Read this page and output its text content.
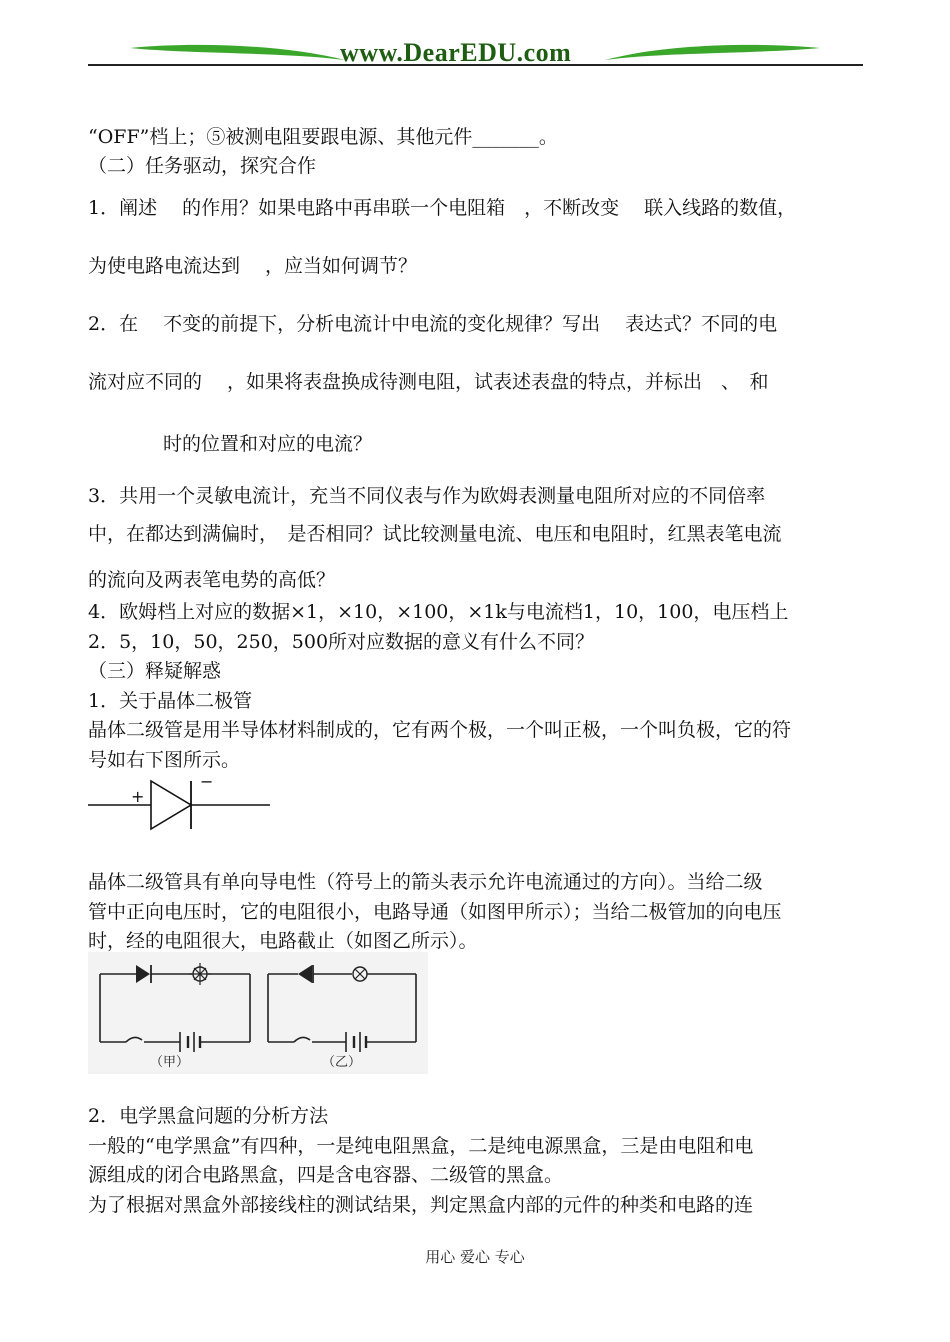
www.DearEDU.com
“OFF”档上；⑤被测电阻要跟电源、其他元件_______。
（二）任务驱动，探究合作
1．阐述　 的作用？如果电路中再串联一个电阻箱　，不断改变　 联入线路的数值，
为使电路电流达到　 ，应当如何调节？
2．在　 不变的前提下，分析电流计中电流的变化规律？写出　 表达式？不同的电
流对应不同的　 ，如果将表盘换成待测电阻，试表述表盘的特点，并标出　、　和
时的位置和对应的电流？
3．共用一个灵敏电流计，充当不同仪表与作为欧姆表测量电阻所对应的不同倍率
中，在都达到满偏时，　是否相同？试比较测量电流、电压和电阻时，红黑表笔电流
的流向及两表笔电势的高低？
4．欧姆档上对应的数据×1，×10，×100，×1k与电流档1，10，100，电压档上
2．5，10，50，250，500所对应数据的意义有什么不同？
（三）释疑解惑
1．关于晶体二极管
晶体二级管是用半导体材料制成的，它有两个极，一个叫正极，一个叫负极，它的符
号如右下图所示。
+
−
晶体二级管具有单向导电性（符号上的箭头表示允许电流通过的方向）。当给二级
管中正向电压时，它的电阻很小，电路导通（如图甲所示）；当给二极管加的向电压
时，经的电阻很大，电路截止（如图乙所示）。
（甲）	（乙）
2．电学黑盒问题的分析方法
一般的“电学黑盒”有四种，一是纯电阻黑盒，二是纯电源黑盒，三是由电阻和电
源组成的闭合电路黑盒，四是含电容器、二级管的黑盒。
为了根据对黑盒外部接线柱的测试结果，判定黑盒内部的元件的种类和电路的连
用心 爱心 专心
